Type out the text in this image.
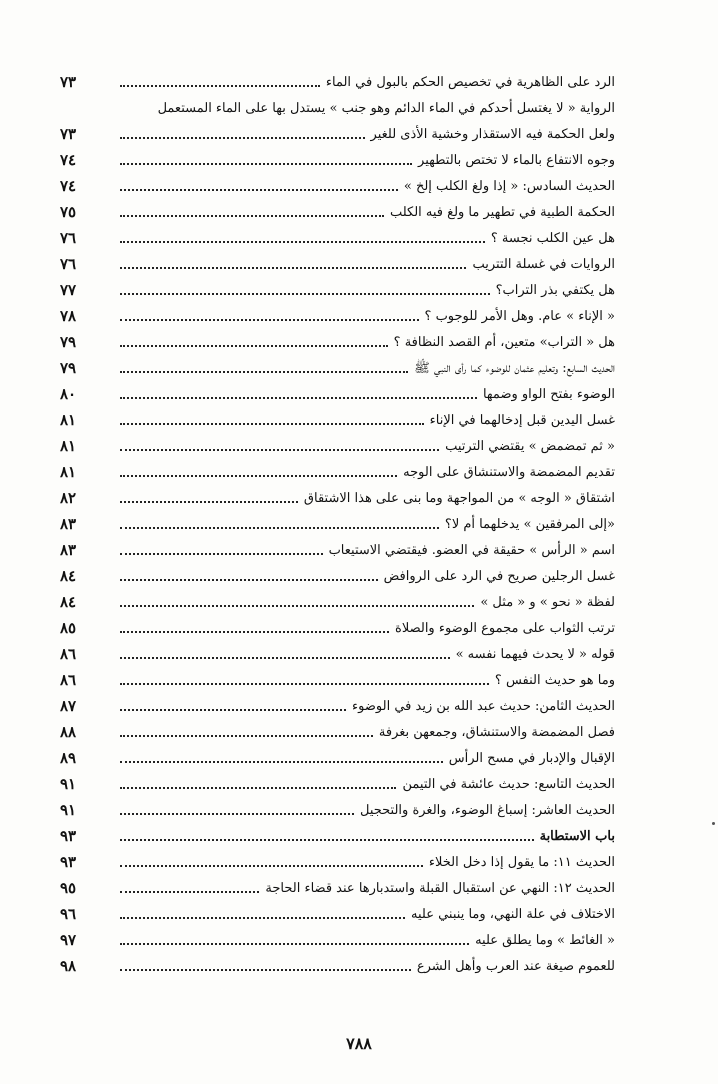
الرد على الظاهرية في تخصيص الحكم بالبول في الماء
٧٣
الرواية « لا يغتسل أحدكم في الماء الدائم وهو جنب » يستدل بها على الماء المستعمل
ولعل الحكمة فيه الاستقذار وخشية الأذى للغير
٧٣
وجوه الانتفاع بالماء لا تختص بالتطهير
٧٤
الحديث السادس: « إذا ولغ الكلب إلخ »
٧٤
الحكمة الطبية في تطهير ما ولغ فيه الكلب
٧٥
هل عين الكلب نجسة ؟
٧٦
الروايات في غسلة التتريب
٧٦
هل يكتفي بذر التراب؟
٧٧
« الإناء » عام. وهل الأمر للوجوب ؟
٧٨
هل « التراب» متعين، أم القصد النظافة ؟
٧٩
الحديث السابع: وتعليم عثمان للوضوء كما رأى النبي ﷺ
٧٩
الوضوء بفتح الواو وضمها
٨٠
غسل اليدين قبل إدخالهما في الإناء
٨١
« ثم تمضمض » يقتضي الترتيب
٨١
تقديم المضمضة والاستنشاق على الوجه
٨١
اشتقاق « الوجه » من المواجهة وما بنى على هذا الاشتقاق
٨٢
«إلى المرفقين » يدخلهما أم لا؟
٨٣
اسم « الرأس » حقيقة في العضو. فيقتضي الاستيعاب
٨٣
غسل الرجلين صريح في الرد على الروافض
٨٤
لفظة « نحو » و « مثل »
٨٤
ترتب الثواب على مجموع الوضوء والصلاة
٨٥
قوله « لا يحدث فيهما نفسه »
٨٦
وما هو حديث النفس ؟
٨٦
الحديث الثامن: حديث عبد الله بن زيد في الوضوء
٨٧
فصل المضمضة والاستنشاق، وجمعهن بغرفة
٨٨
الإقبال والإدبار في مسح الرأس
٨٩
الحديث التاسع: حديث عائشة في التيمن
٩١
الحديث العاشر: إسباغ الوضوء، والغرة والتحجيل
٩١
باب الاستطابة
٩٣
الحديث ١١: ما يقول إذا دخل الخلاء
٩٣
الحديث ١٢: النهي عن استقبال القبلة واستدبارها عند قضاء الحاجة
٩٥
الاختلاف في علة النهي، وما ينبني عليه
٩٦
« الغائط » وما يطلق عليه
٩٧
للعموم صيغة عند العرب وأهل الشرع
٩٨
٧٨٨
